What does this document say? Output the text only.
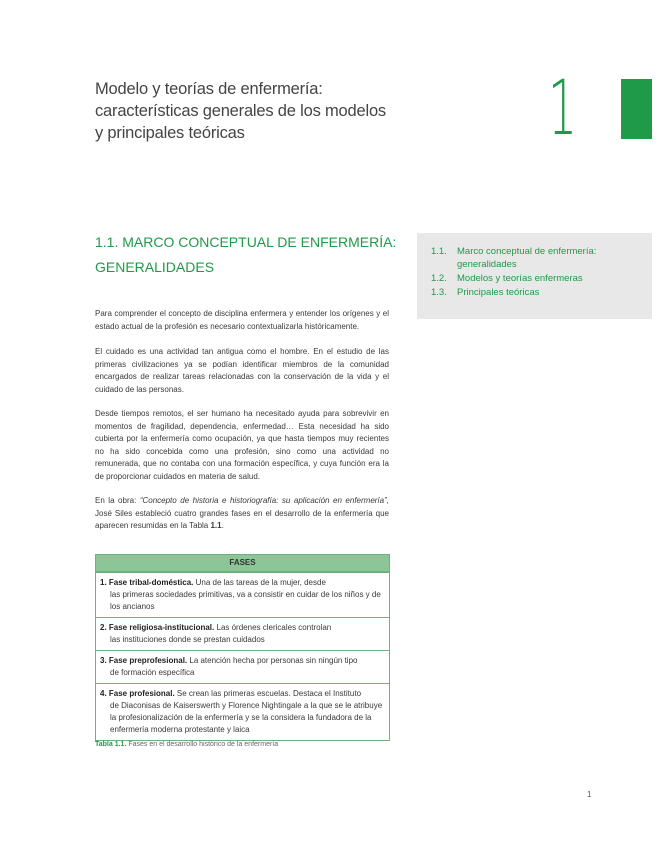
Modelo y teorías de enfermería:
características generales de los modelos
y principales teóricas	1
1.1. MARCO CONCEPTUAL DE ENFERMERÍA:
GENERALIDADES
1.1.	Marco conceptual de enfermería: generalidades
1.2.	Modelos y teorías enfermeras
1.3.	Principales teóricas

Para comprender el concepto de disciplina enfermera y entender los orígenes y el estado actual de la profesión es necesario contextualizarla históricamente.

El cuidado es una actividad tan antigua como el hombre. En el estudio de las primeras civilizaciones ya se podían identificar miembros de la comunidad encargados de realizar tareas relacionadas con la conservación de la vida y el cuidado de las personas.

Desde tiempos remotos, el ser humano ha necesitado ayuda para sobrevivir en momentos de fragilidad, dependencia, enfermedad… Esta necesidad ha sido cubierta por la enfermería como ocupación, ya que hasta tiempos muy recientes no ha sido concebida como una profesión, sino como una actividad no remunerada, que no contaba con una formación específica, y cuya función era la de proporcionar cuidados en materia de salud.

En la obra: “Concepto de historia e historiografía: su aplicación en enfermería”, José Siles estableció cuatro grandes fases en el desarrollo de la enfermería que aparecen resumidas en la Tabla 1.1.

FASES
1. Fase tribal-doméstica. Una de las tareas de la mujer, desde
las primeras sociedades primitivas, va a consistir en cuidar de los niños y de los ancianos
2. Fase religiosa-institucional. Las órdenes clericales controlan
las instituciones donde se prestan cuidados
3. Fase preprofesional. La atención hecha por personas sin ningún tipo
de formación específica
4. Fase profesional. Se crean las primeras escuelas. Destaca el Instituto
de Diaconisas de Kaiserswerth y Florence Nightingale a la que se le atribuye la profesionalización de la enfermería y se la considera la fundadora de la enfermería moderna protestante y laica
Tabla 1.1. Fases en el desarrollo histórico de la enfermería
1
